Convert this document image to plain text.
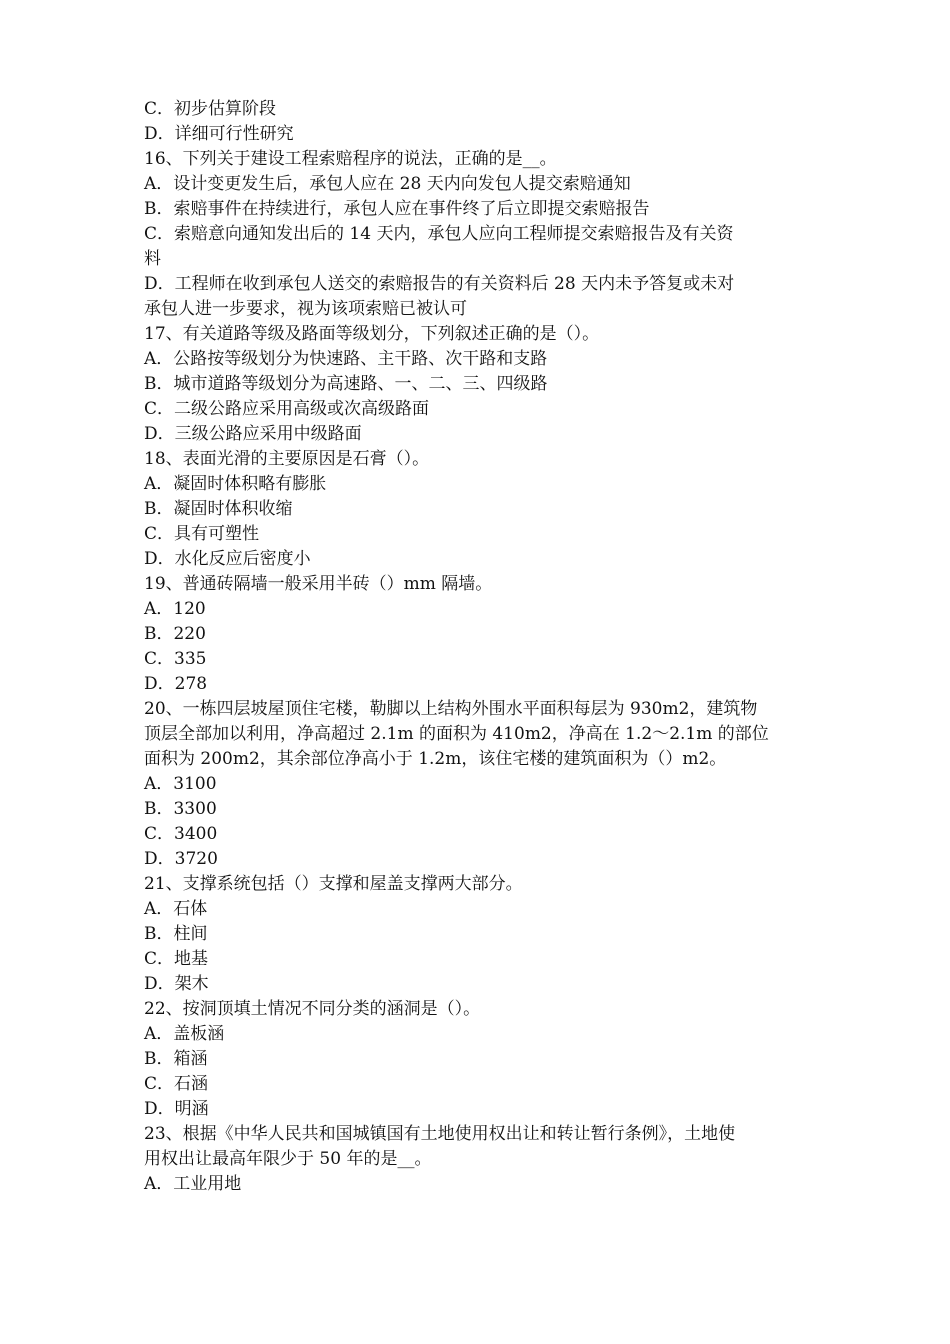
C．初步估算阶段
D．详细可行性研究
16、下列关于建设工程索赔程序的说法，正确的是__。
A．设计变更发生后，承包人应在 28 天内向发包人提交索赔通知
B．索赔事件在持续进行，承包人应在事件终了后立即提交索赔报告
C．索赔意向通知发出后的 14 天内，承包人应向工程师提交索赔报告及有关资
料
D．工程师在收到承包人送交的索赔报告的有关资料后 28 天内未予答复或未对
承包人进一步要求，视为该项索赔已被认可
17、有关道路等级及路面等级划分，下列叙述正确的是（）。
A．公路按等级划分为快速路、主干路、次干路和支路
B．城市道路等级划分为高速路、一、二、三、四级路
C．二级公路应采用高级或次高级路面
D．三级公路应采用中级路面
18、表面光滑的主要原因是石膏（）。
A．凝固时体积略有膨胀
B．凝固时体积收缩
C．具有可塑性
D．水化反应后密度小
19、普通砖隔墙一般采用半砖（）mm 隔墙。
A．120
B．220
C．335
D．278
20、一栋四层坡屋顶住宅楼，勒脚以上结构外围水平面积每层为 930m2，建筑物
顶层全部加以利用，净高超过 2.1m 的面积为 410m2，净高在 1.2～2.1m 的部位
面积为 200m2，其余部位净高小于 1.2m，该住宅楼的建筑面积为（）m2。
A．3100
B．3300
C．3400
D．3720
21、支撑系统包括（）支撑和屋盖支撑两大部分。
A．石体
B．柱间
C．地基
D．架木
22、按洞顶填土情况不同分类的涵洞是（）。
A．盖板涵
B．箱涵
C．石涵
D．明涵
23、根据《中华人民共和国城镇国有土地使用权出让和转让暂行条例》，土地使
用权出让最高年限少于 50 年的是__。
A．工业用地
